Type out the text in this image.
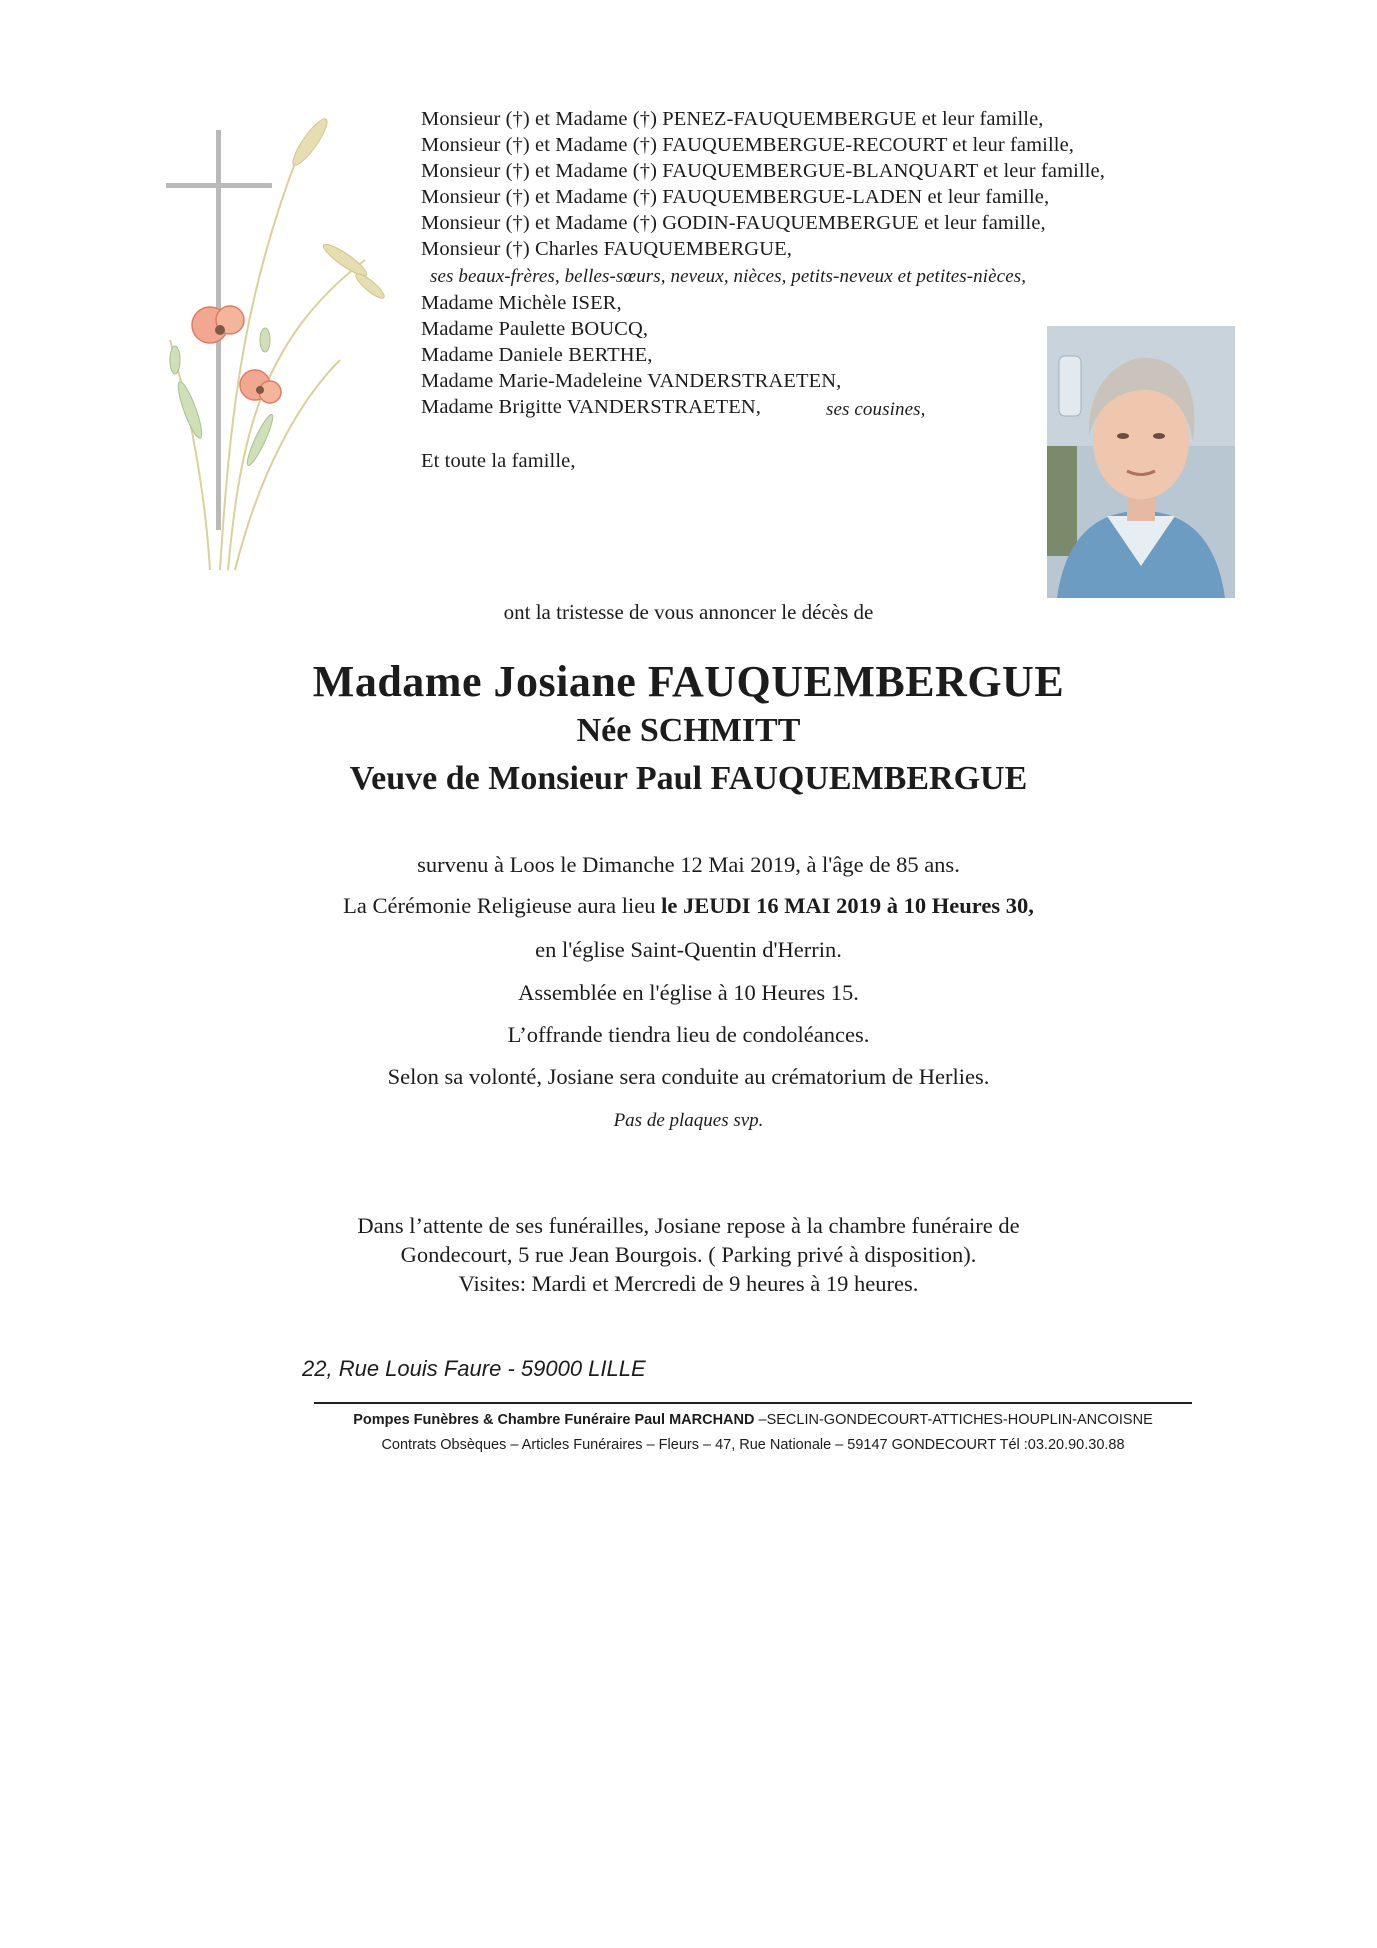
Monsieur (†) et Madame (†) PENEZ-FAUQUEMBERGUE et leur famille,
Monsieur (†) et Madame (†) FAUQUEMBERGUE-RECOURT et leur famille,
Monsieur (†) et Madame (†) FAUQUEMBERGUE-BLANQUART et leur famille,
Monsieur (†) et Madame (†) FAUQUEMBERGUE-LADEN et leur famille,
Monsieur (†) et Madame (†) GODIN-FAUQUEMBERGUE et leur famille,
Monsieur (†) Charles FAUQUEMBERGUE,
ses beaux-frères, belles-sœurs, neveux, nièces, petits-neveux et petites-nièces,
Madame Michèle ISER,
Madame Paulette BOUCQ,
Madame Daniele BERTHE,
Madame Marie-Madeleine VANDERSTRAETEN,
Madame Brigitte VANDERSTRAETEN,	ses cousines,
Et toute la famille,
ont la tristesse de vous annoncer le décès de
Madame Josiane FAUQUEMBERGUE
Née SCHMITT
Veuve de Monsieur Paul FAUQUEMBERGUE
survenu à Loos le Dimanche 12 Mai 2019, à l'âge de 85 ans.
La Cérémonie Religieuse aura lieu le JEUDI 16 MAI 2019 à 10 Heures 30,
en l'église Saint-Quentin d'Herrin.
Assemblée en l'église à 10 Heures 15.
L’offrande tiendra lieu de condoléances.
Selon sa volonté, Josiane sera conduite au crématorium de Herlies.
Pas de plaques svp.
Dans l’attente de ses funérailles, Josiane repose à la chambre funéraire de
Gondecourt, 5 rue Jean Bourgois. ( Parking privé à disposition).
Visites: Mardi et Mercredi de 9 heures à 19 heures.
22, Rue Louis Faure - 59000 LILLE
Pompes Funèbres & Chambre Funéraire Paul MARCHAND –SECLIN-GONDECOURT-ATTICHES-HOUPLIN-ANCOISNE
Contrats Obsèques – Articles Funéraires – Fleurs – 47, Rue Nationale – 59147 GONDECOURT Tél :03.20.90.30.88
